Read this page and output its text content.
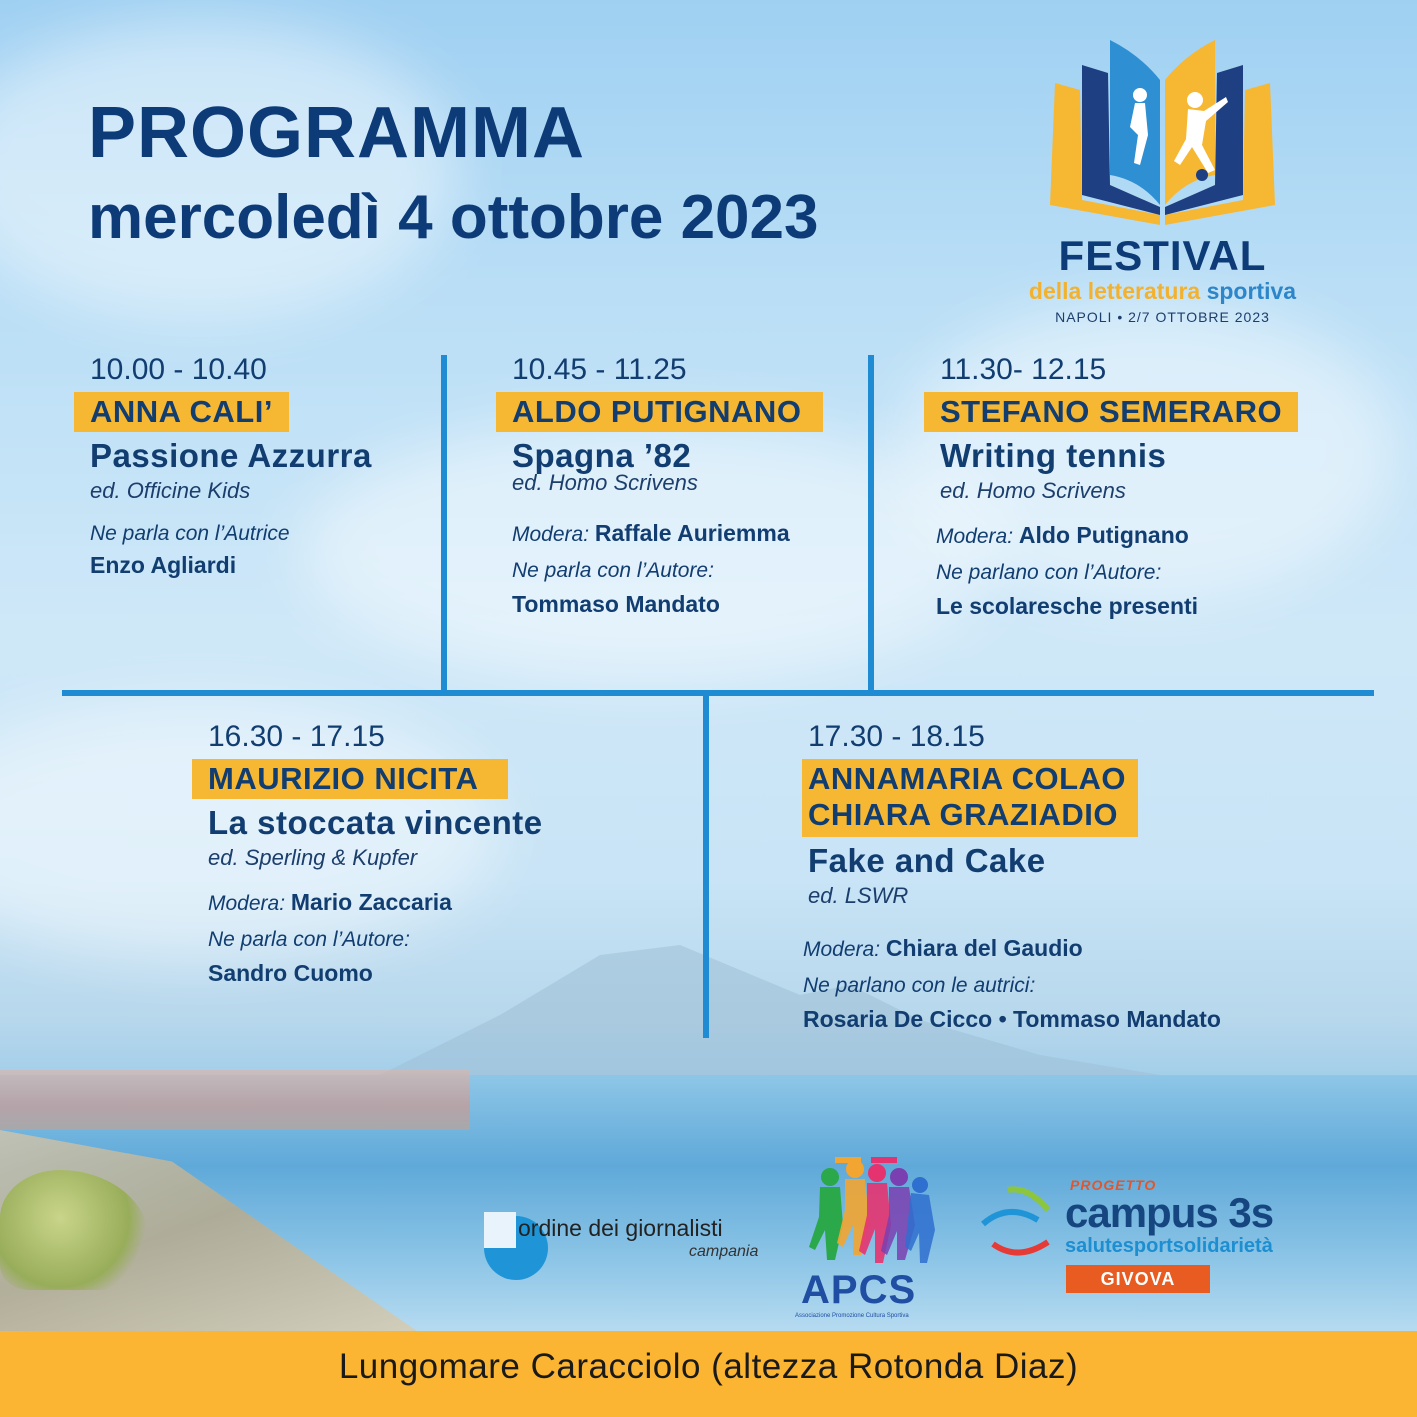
PROGRAMMA
mercoledì 4 ottobre 2023

FESTIVAL

della letteratura sportiva

NAPOLI • 2/7 OTTOBRE 2023

10.00 - 10.40

ANNA CALI’

Passione Azzurra

ed. Officine Kids

Ne parla con l’Autrice

Enzo Agliardi

10.45 - 11.25

ALDO PUTIGNANO

Spagna ’82

ed. Homo Scrivens

Modera: Raffale Auriemma

Ne parla con l’Autore:

Tommaso Mandato

11.30- 12.15

STEFANO SEMERARO

Writing tennis

ed. Homo Scrivens

Modera: Aldo Putignano

Ne parlano con l’Autore:

Le scolaresche presenti

16.30 - 17.15

MAURIZIO NICITA

La stoccata vincente

ed. Sperling & Kupfer

Modera: Mario Zaccaria

Ne parla con l’Autore:

Sandro Cuomo

17.30 - 18.15

ANNAMARIA COLAO
CHIARA GRAZIADIO

Fake and Cake

ed. LSWR

Modera: Chiara del Gaudio

Ne parlano con le autrici:

Rosaria De Cicco • Tommaso Mandato

ordine dei giornalisti

campania

APCS

Associazione Promozione Cultura Sportiva

PROGETTO

campus 3s

salutesportsolidarietà

GIVOVA

Lungomare Caracciolo (altezza Rotonda Diaz)
